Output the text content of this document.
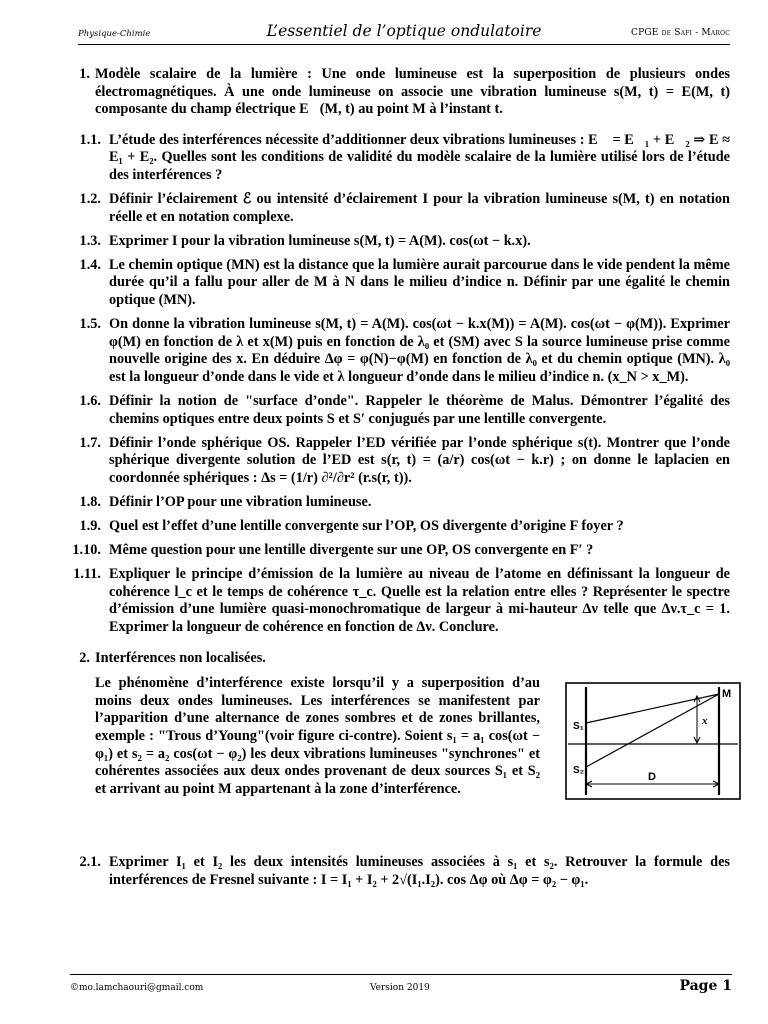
Physique-Chimie	L’essentiel de l’optique ondulatoire	CPGE de Safi - Maroc
1. Modèle scalaire de la lumière : Une onde lumineuse est la superposition de plusieurs ondes électromagnétiques. À une onde lumineuse on associe une vibration lumineuse s(M, t) = E(M, t) composante du champ électrique E⃗(M, t) au point M à l’instant t.
1.1. L’étude des interférences nécessite d’additionner deux vibrations lumineuses : E⃗ = E⃗₁ + E⃗₂ ⇒ E ≈ E₁ + E₂. Quelles sont les conditions de validité du modèle scalaire de la lumière utilisé lors de l’étude des interférences ?
1.2. Définir l’éclairement ℰ ou intensité d’éclairement I pour la vibration lumineuse s(M, t) en notation réelle et en notation complexe.
1.3. Exprimer I pour la vibration lumineuse s(M, t) = A(M). cos(ωt − k.x).
1.4. Le chemin optique (MN) est la distance que la lumière aurait parcourue dans le vide pendent la même durée qu’il a fallu pour aller de M à N dans le milieu d’indice n. Définir par une égalité le chemin optique (MN).
1.5. On donne la vibration lumineuse s(M, t) = A(M). cos(ωt − k.x(M)) = A(M). cos(ωt − φ(M)). Exprimer φ(M) en fonction de λ et x(M) puis en fonction de λ₀ et (SM) avec S la source lumineuse prise comme nouvelle origine des x. En déduire Δφ = φ(N)−φ(M) en fonction de λ₀ et du chemin optique (MN). λ₀ est la longueur d’onde dans le vide et λ longueur d’onde dans le milieu d’indice n. (x_N > x_M).
1.6. Définir la notion de "surface d’onde". Rappeler le théorème de Malus. Démontrer l’égalité des chemins optiques entre deux points S et S′ conjugués par une lentille convergente.
1.7. Définir l’onde sphérique OS. Rappeler l’ED vérifiée par l’onde sphérique s(t). Montrer que l’onde sphérique divergente solution de l’ED est s(r, t) = (a/r) cos(ωt − k.r) ; on donne le laplacien en coordonnée sphériques : Δs = (1/r) ∂²/∂r² (r.s(r, t)).
1.8. Définir l’OP pour une vibration lumineuse.
1.9. Quel est l’effet d’une lentille convergente sur l’OP, OS divergente d’origine F foyer ?
1.10. Même question pour une lentille divergente sur une OP, OS convergente en F′ ?
1.11. Expliquer le principe d’émission de la lumière au niveau de l’atome en définissant la longueur de cohérence l_c et le temps de cohérence τ_c. Quelle est la relation entre elles ? Représenter le spectre d’émission d’une lumière quasi-monochromatique de largeur à mi-hauteur Δν telle que Δν.τ_c = 1. Exprimer la longueur de cohérence en fonction de Δν. Conclure.
2. Interférences non localisées.
Le phénomène d’interférence existe lorsqu’il y a superposition d’au moins deux ondes lumineuses. Les interférences se manifestent par l’apparition d’une alternance de zones sombres et de zones brillantes, exemple : "Trous d’Young"(voir figure ci-contre). Soient s₁ = a₁ cos(ωt − φ₁) et s₂ = a₂ cos(ωt − φ₂) les deux vibrations lumineuses "synchrones" et cohérentes associées aux deux ondes provenant de deux sources S₁ et S₂ et arrivant au point M appartenant à la zone d’interférence.
M
S₁
S₂
x
D
2.1. Exprimer I₁ et I₂ les deux intensités lumineuses associées à s₁ et s₂. Retrouver la formule des interférences de Fresnel suivante : I = I₁ + I₂ + 2√(I₁.I₂). cos Δφ où Δφ = φ₂ − φ₁.
©mo.lamchaouri@gmail.com	Version 2019	Page 1
